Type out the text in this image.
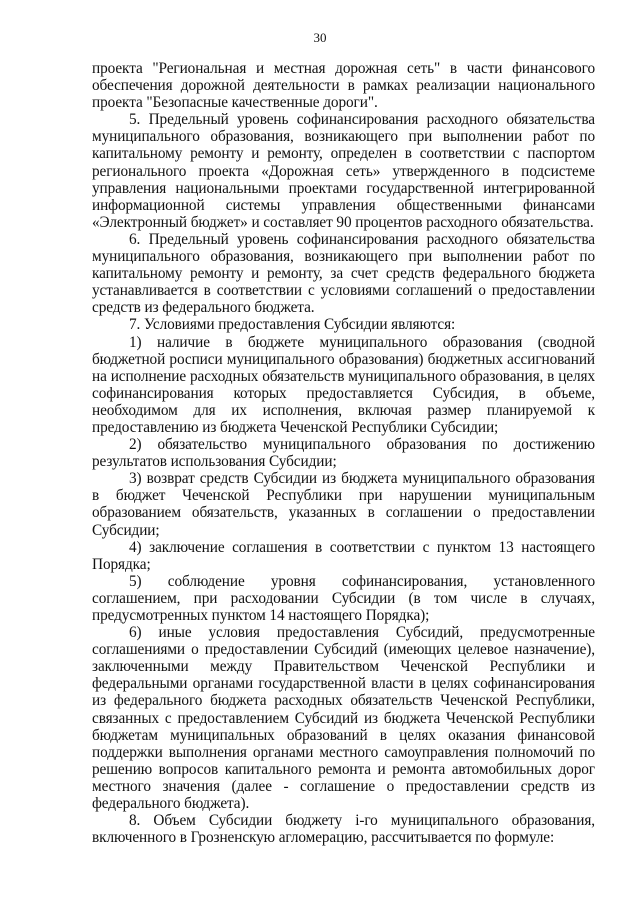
30

проекта "Региональная и местная дорожная сеть" в части финансового обеспечения дорожной деятельности в рамках реализации национального проекта "Безопасные качественные дороги".

5. Предельный уровень софинансирования расходного обязательства муниципального образования, возникающего при выполнении работ по капитальному ремонту и ремонту, определен в соответствии с паспортом регионального проекта «Дорожная сеть» утвержденного в подсистеме управления национальными проектами государственной интегрированной информационной системы управления общественными финансами «Электронный бюджет» и составляет 90 процентов расходного обязательства.

6. Предельный уровень софинансирования расходного обязательства муниципального образования, возникающего при выполнении работ по капитальному ремонту и ремонту, за счет средств федерального бюджета устанавливается в соответствии с условиями соглашений о предоставлении средств из федерального бюджета.

7. Условиями предоставления Субсидии являются:

1) наличие в бюджете муниципального образования (сводной бюджетной росписи муниципального образования) бюджетных ассигнований на исполнение расходных обязательств муниципального образования, в целях софинансирования которых предоставляется Субсидия, в объеме, необходимом для их исполнения, включая размер планируемой к предоставлению из бюджета Чеченской Республики Субсидии;

2) обязательство муниципального образования по достижению результатов использования Субсидии;

3) возврат средств Субсидии из бюджета муниципального образования в бюджет Чеченской Республики при нарушении муниципальным образованием обязательств, указанных в соглашении о предоставлении Субсидии;

4) заключение соглашения в соответствии с пунктом 13 настоящего Порядка;

5) соблюдение уровня софинансирования, установленного соглашением, при расходовании Субсидии (в том числе в случаях, предусмотренных пунктом 14 настоящего Порядка);

6) иные условия предоставления Субсидий, предусмотренные соглашениями о предоставлении Субсидий (имеющих целевое назначение), заключенными между Правительством Чеченской Республики и федеральными органами государственной власти в целях софинансирования из федерального бюджета расходных обязательств Чеченской Республики, связанных с предоставлением Субсидий из бюджета Чеченской Республики бюджетам муниципальных образований в целях оказания финансовой поддержки выполнения органами местного самоуправления полномочий по решению вопросов капитального ремонта и ремонта автомобильных дорог местного значения (далее - соглашение о предоставлении средств из федерального бюджета).

8. Объем Субсидии бюджету i-го муниципального образования, включенного в Грозненскую агломерацию, рассчитывается по формуле:
